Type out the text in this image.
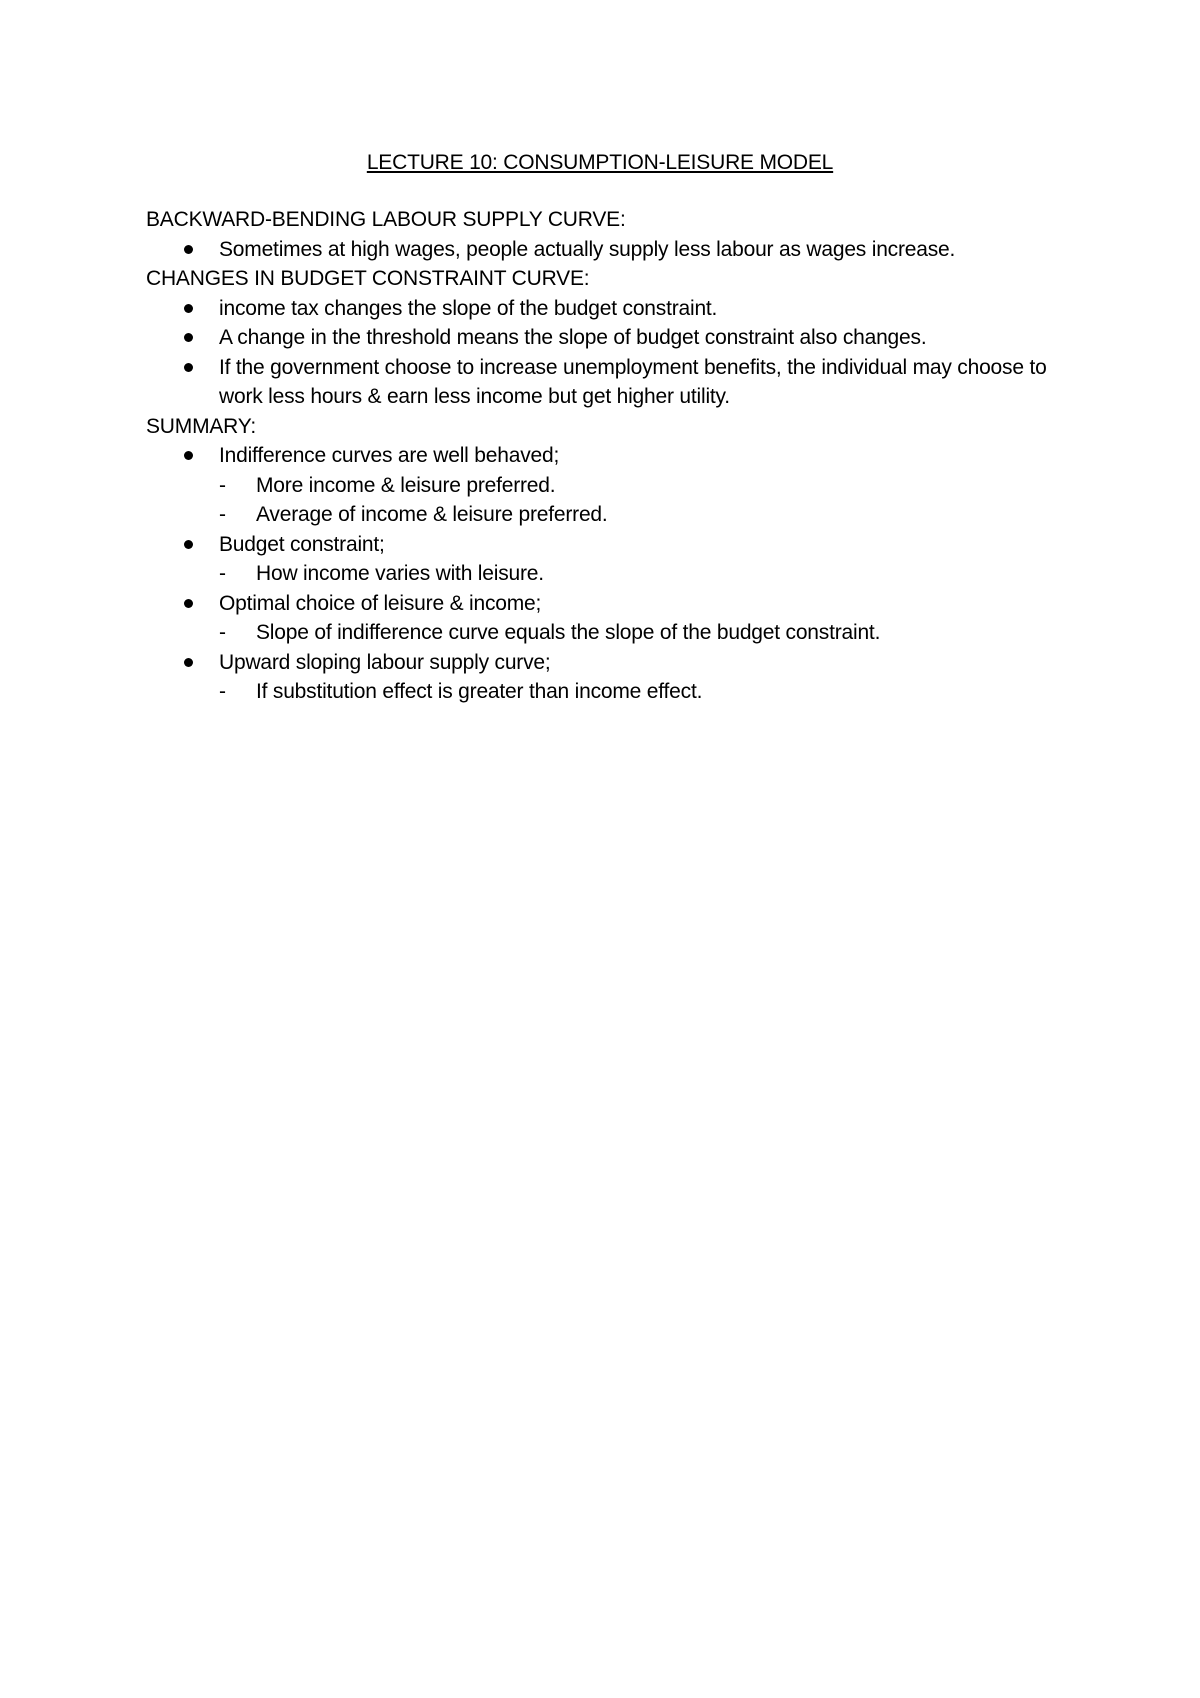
LECTURE 10: CONSUMPTION-LEISURE MODEL
BACKWARD-BENDING LABOUR SUPPLY CURVE:
Sometimes at high wages, people actually supply less labour as wages increase.
CHANGES IN BUDGET CONSTRAINT CURVE:
income tax changes the slope of the budget constraint.
A change in the threshold means the slope of budget constraint also changes.
If the government choose to increase unemployment benefits, the individual may choose to work less hours & earn less income but get higher utility.
SUMMARY:
Indifference curves are well behaved;
- More income & leisure preferred.
- Average of income & leisure preferred.
Budget constraint;
- How income varies with leisure.
Optimal choice of leisure & income;
- Slope of indifference curve equals the slope of the budget constraint.
Upward sloping labour supply curve;
- If substitution effect is greater than income effect.
